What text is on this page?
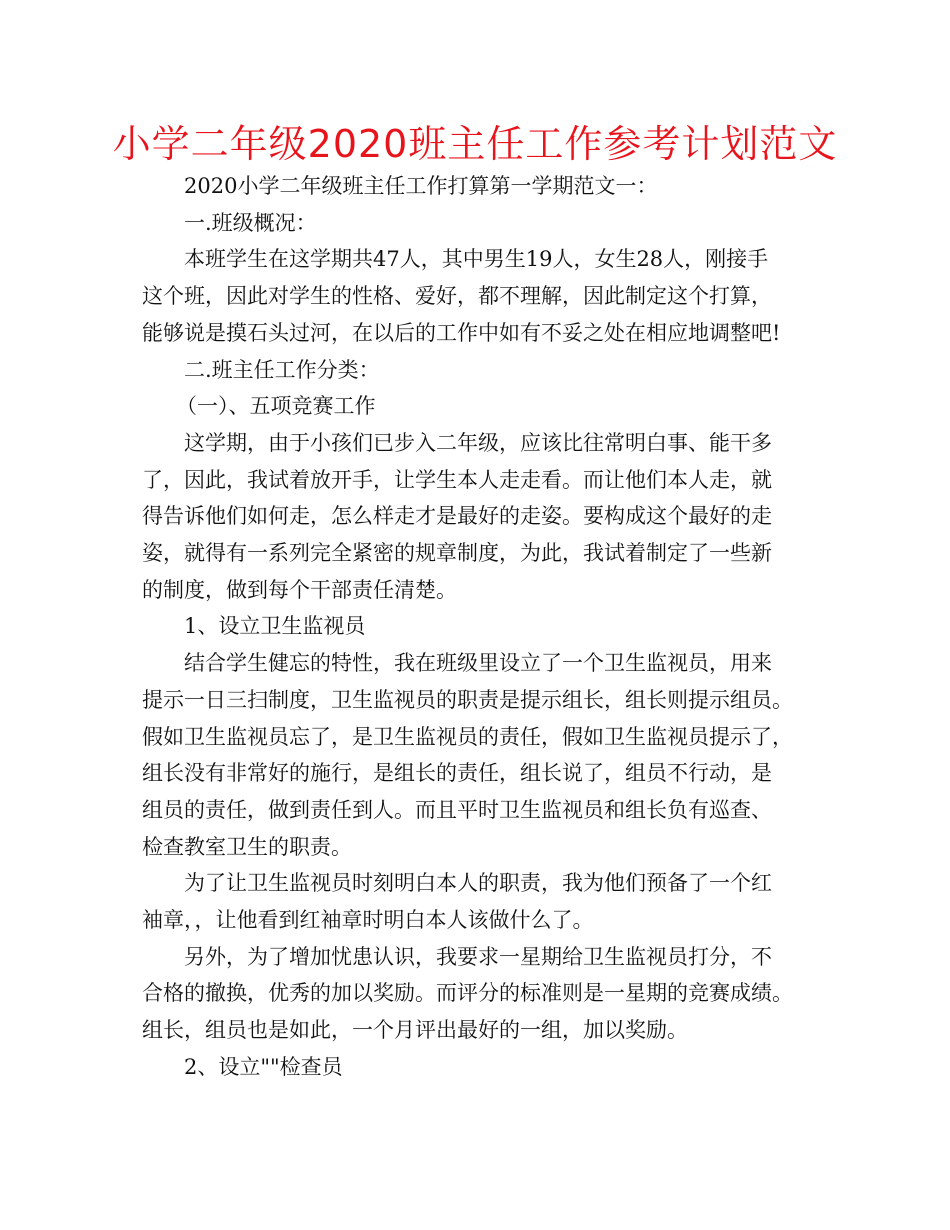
小学二年级2020班主任工作参考计划范文
2020小学二年级班主任工作打算第一学期范文一：
一.班级概况：
本班学生在这学期共47人，其中男生19人，女生28人，刚接手
这个班，因此对学生的性格、爱好，都不理解，因此制定这个打算， 能够说是摸石头过河，在以后的工作中如有不妥之处在相应地调整吧!
二.班主任工作分类：
（一）、五项竞赛工作
这学期，由于小孩们已步入二年级，应该比往常明白事、能干多
了，因此，我试着放开手，让学生本人走走看。而让他们本人走，就 得告诉他们如何走，怎么样走才是最好的走姿。要构成这个最好的走 姿，就得有一系列完全紧密的规章制度，为此，我试着制定了一些新 的制度，做到每个干部责任清楚。
1、设立卫生监视员
结合学生健忘的特性，我在班级里设立了一个卫生监视员，用来
提示一日三扫制度，卫生监视员的职责是提示组长，组长则提示组员。 假如卫生监视员忘了，是卫生监视员的责任，假如卫生监视员提示了， 组长没有非常好的施行，是组长的责任，组长说了，组员不行动，是 组员的责任，做到责任到人。而且平时卫生监视员和组长负有巡查、 检查教室卫生的职责。
为了让卫生监视员时刻明白本人的职责，我为他们预备了一个红
袖章，，让他看到红袖章时明白本人该做什么了。
另外，为了增加忧患认识，我要求一星期给卫生监视员打分，不
合格的撤换，优秀的加以奖励。而评分的标准则是一星期的竞赛成绩。 组长，组员也是如此，一个月评出最好的一组，加以奖励。
2、设立""检查员
